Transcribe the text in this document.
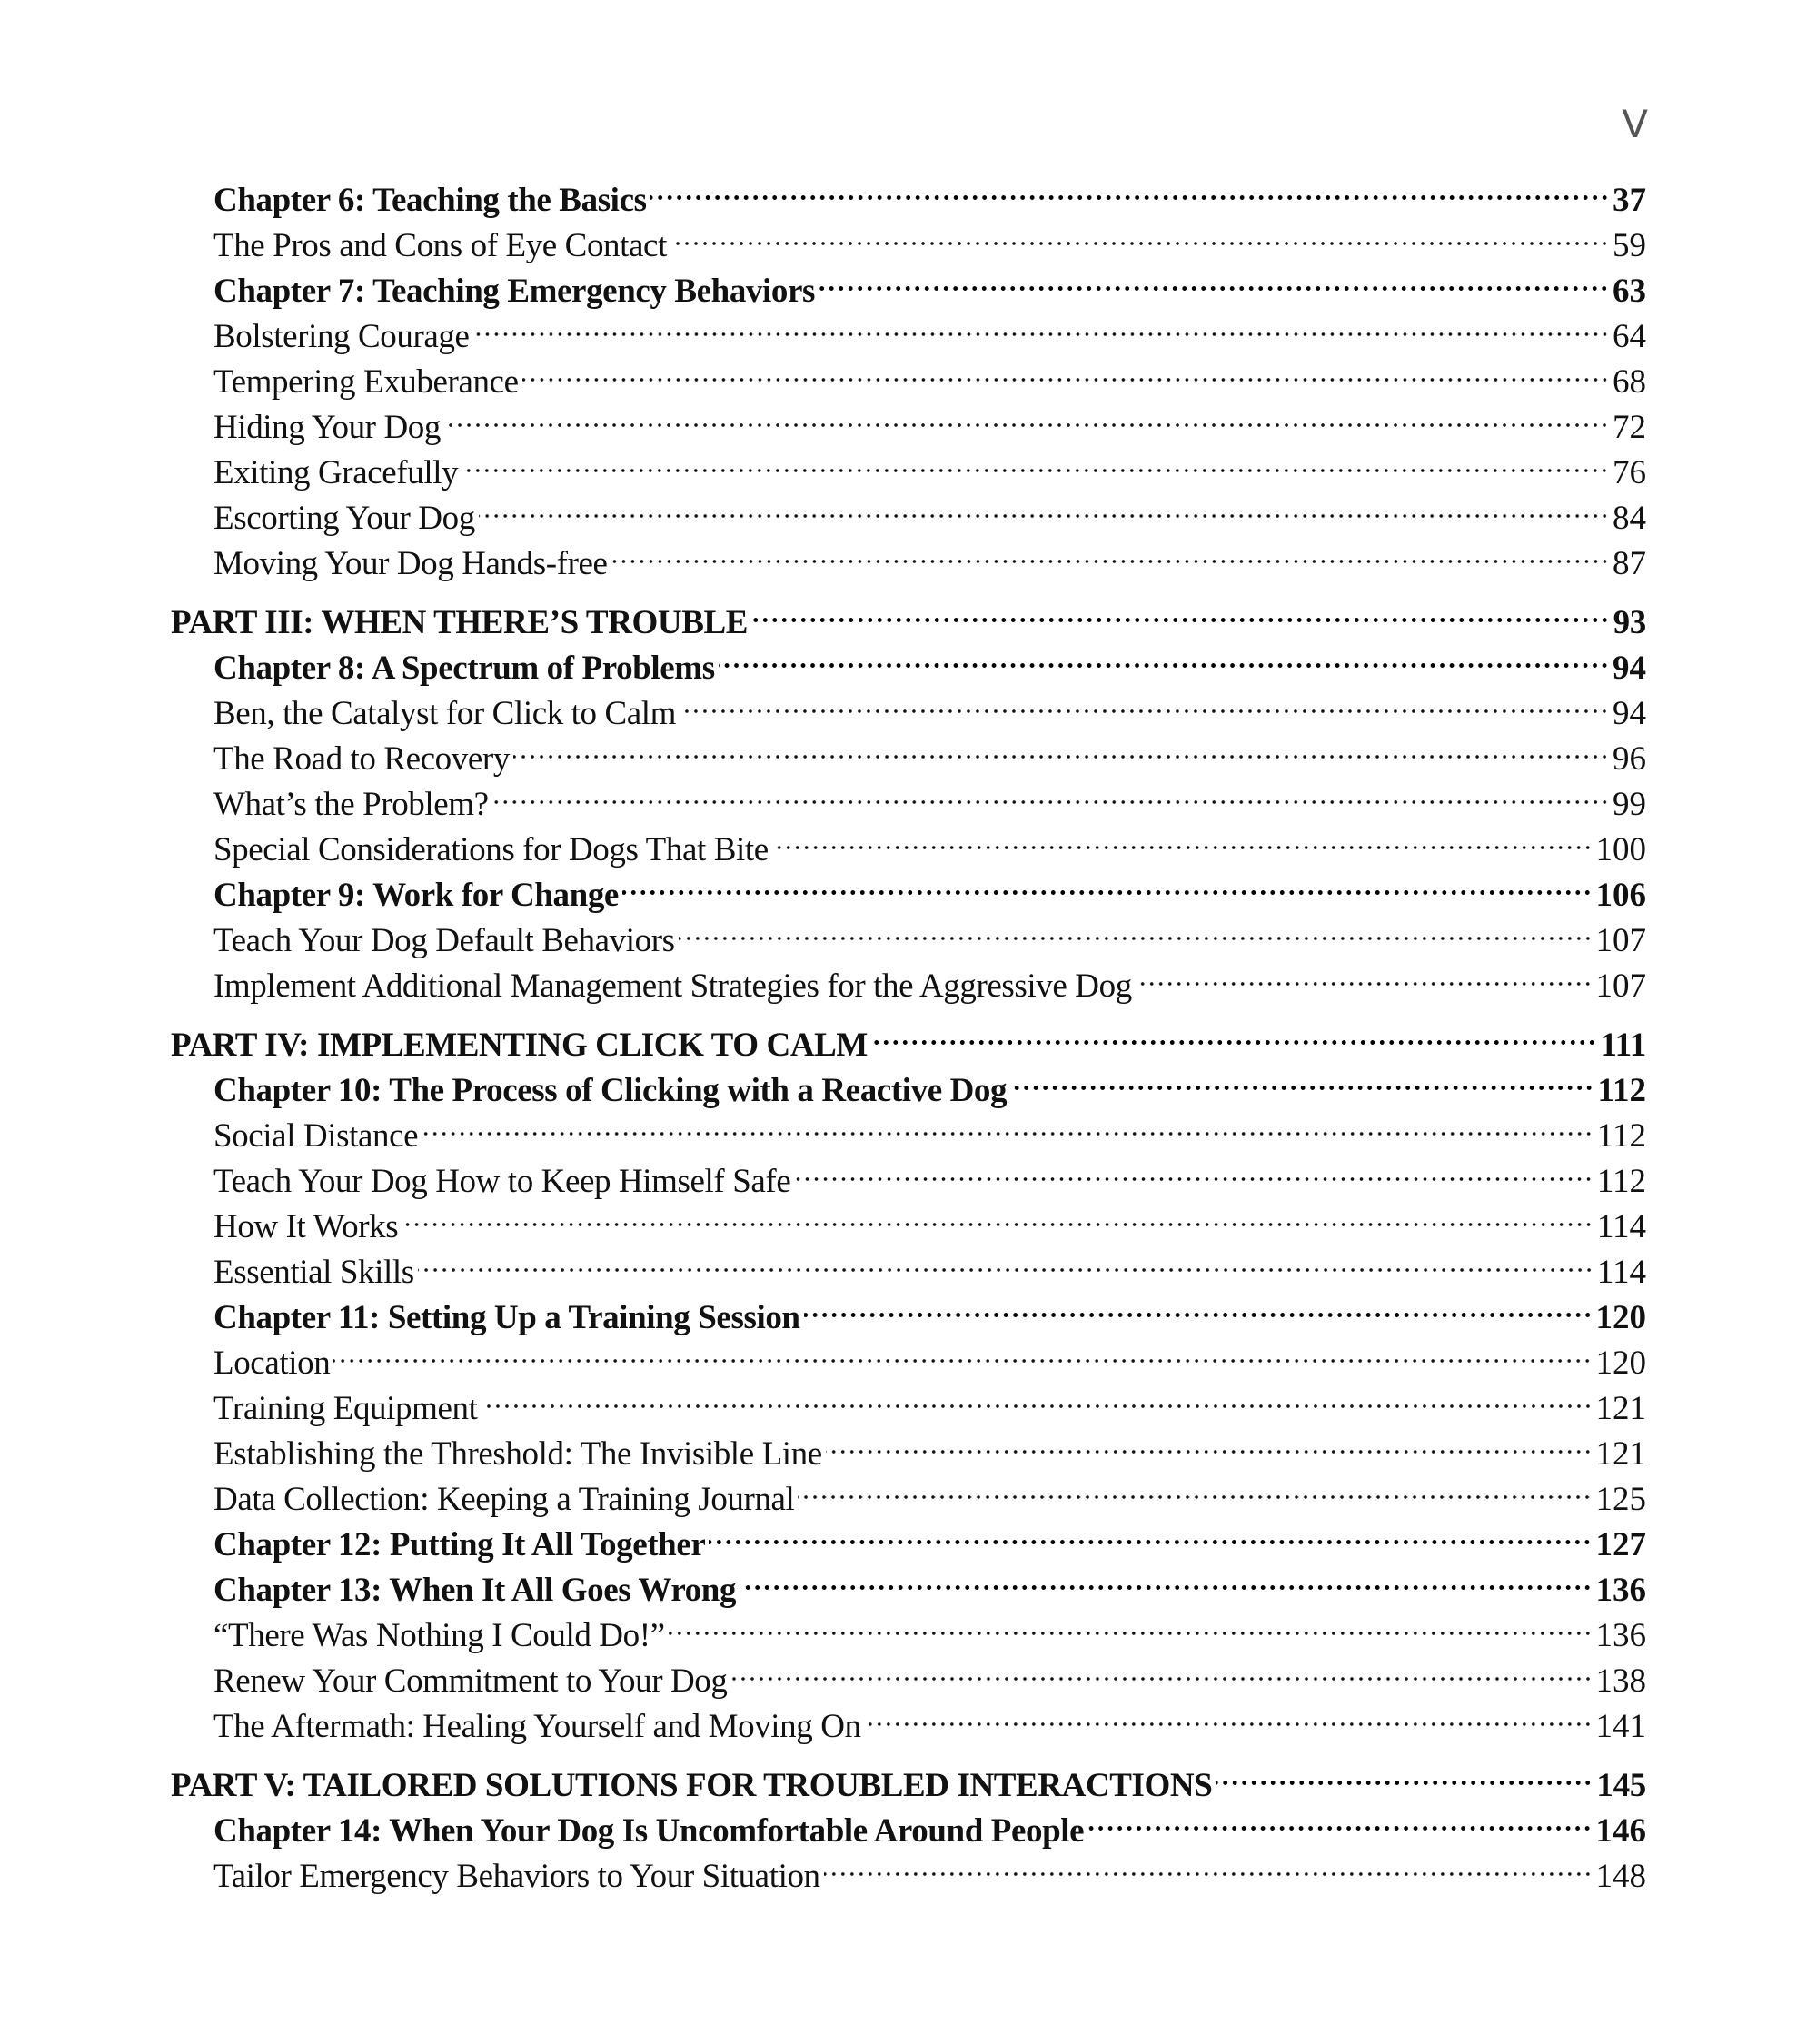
V
Chapter 6: Teaching the Basics	37
The Pros and Cons of Eye Contact	59
Chapter 7: Teaching Emergency Behaviors	63
Bolstering Courage	64
Tempering Exuberance	68
Hiding Your Dog	72
Exiting Gracefully	76
Escorting Your Dog	84
Moving Your Dog Hands-free	87
PART III: WHEN THERE’S TROUBLE	93
Chapter 8: A Spectrum of Problems	94
Ben, the Catalyst for Click to Calm	94
The Road to Recovery	96
What’s the Problem?	99
Special Considerations for Dogs That Bite	100
Chapter 9: Work for Change	106
Teach Your Dog Default Behaviors	107
Implement Additional Management Strategies for the Aggressive Dog	107
PART IV: IMPLEMENTING CLICK TO CALM	111
Chapter 10: The Process of Clicking with a Reactive Dog	112
Social Distance	112
Teach Your Dog How to Keep Himself Safe	112
How It Works	114
Essential Skills	114
Chapter 11: Setting Up a Training Session	120
Location	120
Training Equipment	121
Establishing the Threshold: The Invisible Line	121
Data Collection: Keeping a Training Journal	125
Chapter 12: Putting It All Together	127
Chapter 13: When It All Goes Wrong	136
“There Was Nothing I Could Do!”	136
Renew Your Commitment to Your Dog	138
The Aftermath: Healing Yourself and Moving On	141
PART V: TAILORED SOLUTIONS FOR TROUBLED INTERACTIONS	145
Chapter 14: When Your Dog Is Uncomfortable Around People	146
Tailor Emergency Behaviors to Your Situation	148
